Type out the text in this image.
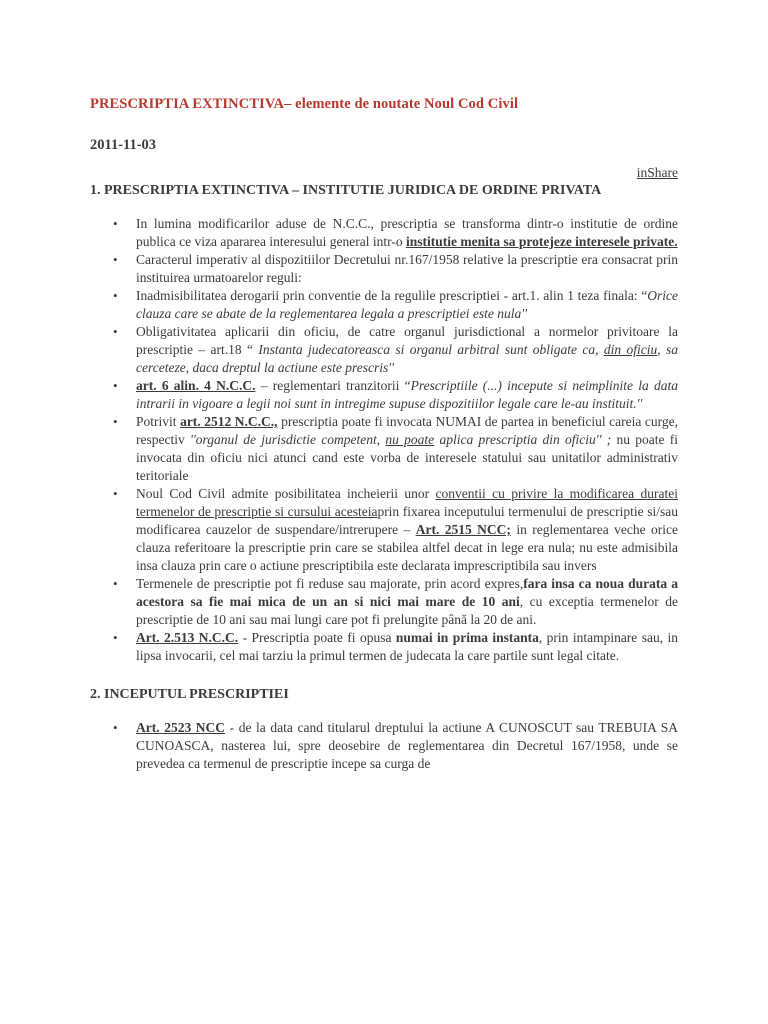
PRESCRIPTIA EXTINCTIVA– elemente de noutate Noul Cod Civil
2011-11-03
inShare
1. PRESCRIPTIA EXTINCTIVA – INSTITUTIE JURIDICA DE ORDINE PRIVATA
• In lumina modificarilor aduse de N.C.C., prescriptia se transforma dintr-o institutie de ordine publica ce viza apararea interesului general intr-o institutie menita sa protejeze interesele private.
• Caracterul imperativ al dispozitiilor Decretului nr.167/1958 relative la prescriptie era consacrat prin instituirea urmatoarelor reguli:
• Inadmisibilitatea derogarii prin conventie de la regulile prescriptiei - art.1. alin 1 teza finala: “Orice clauza care se abate de la reglementarea legala a prescriptiei este nula''
• Obligativitatea aplicarii din oficiu, de catre organul jurisdictional a normelor privitoare la prescriptie – art.18 “ Instanta judecatoreasca si organul arbitral sunt obligate ca, din oficiu, sa cerceteze, daca dreptul la actiune este prescris''
• art. 6 alin. 4 N.C.C. – reglementari tranzitorii “Prescriptiile (...) incepute si neimplinite la data intrarii in vigoare a legii noi sunt in intregime supuse dispozitiilor legale care le-au instituit.''
• Potrivit art. 2512 N.C.C., prescriptia poate fi invocata NUMAI de partea in beneficiul careia curge, respectiv ''organul de jurisdictie competent, nu poate aplica prescriptia din oficiu'' ; nu poate fi invocata din oficiu nici atunci cand este vorba de interesele statului sau unitatilor administrativ teritoriale
• Noul Cod Civil admite posibilitatea incheierii unor conventii cu privire la modificarea duratei termenelor de prescriptie si cursului acesteiaprin fixarea inceputului termenului de prescriptie si/sau modificarea cauzelor de suspendare/intrerupere – Art. 2515 NCC; in reglementarea veche orice clauza referitoare la prescriptie prin care se stabilea altfel decat in lege era nula; nu este admisibila insa clauza prin care o actiune prescriptibila este declarata imprescriptibila sau invers
• Termenele de prescriptie pot fi reduse sau majorate, prin acord expres,fara insa ca noua durata a acestora sa fie mai mica de un an si nici mai mare de 10 ani, cu exceptia termenelor de prescriptie de 10 ani sau mai lungi care pot fi prelungite până la 20 de ani.
• Art. 2.513 N.C.C. - Prescriptia poate fi opusa numai in prima instanta, prin intampinare sau, in lipsa invocarii, cel mai tarziu la primul termen de judecata la care partile sunt legal citate.
2. INCEPUTUL PRESCRIPTIEI
• Art. 2523 NCC - de la data cand titularul dreptului la actiune A CUNOSCUT sau TREBUIA SA CUNOASCA, nasterea lui, spre deosebire de reglementarea din Decretul 167/1958, unde se prevedea ca termenul de prescriptie incepe sa curga de
